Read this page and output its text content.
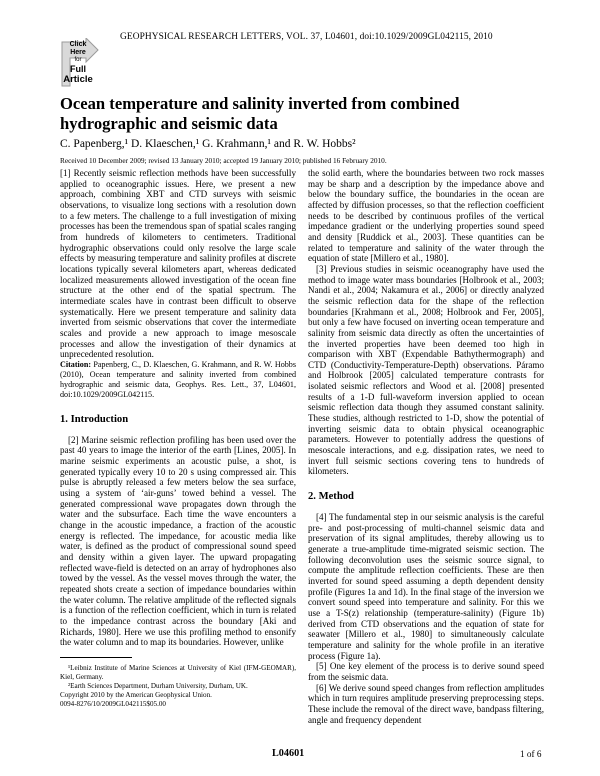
Click
Here
for
Full
Article
GEOPHYSICAL RESEARCH LETTERS, VOL. 37, L04601, doi:10.1029/2009GL042115, 2010
Ocean temperature and salinity inverted from combined hydrographic and seismic data
C. Papenberg,¹ D. Klaeschen,¹ G. Krahmann,¹ and R. W. Hobbs²
Received 10 December 2009; revised 13 January 2010; accepted 19 January 2010; published 16 February 2010.

[1] Recently seismic reflection methods have been successfully applied to oceanographic issues. Here, we present a new approach, combining XBT and CTD surveys with seismic observations, to visualize long sections with a resolution down to a few meters. The challenge to a full investigation of mixing processes has been the tremendous span of spatial scales ranging from hundreds of kilometers to centimeters. Traditional hydrographic observations could only resolve the large scale effects by measuring temperature and salinity profiles at discrete locations typically several kilometers apart, whereas dedicated localized measurements allowed investigation of the ocean fine structure at the other end of the spatial spectrum. The intermediate scales have in contrast been difficult to observe systematically. Here we present temperature and salinity data inverted from seismic observations that cover the intermediate scales and provide a new approach to image mesoscale processes and allow the investigation of their dynamics at unprecedented resolution.

Citation: Papenberg, C., D. Klaeschen, G. Krahmann, and R. W. Hobbs (2010), Ocean temperature and salinity inverted from combined hydrographic and seismic data, Geophys. Res. Lett., 37, L04601, doi:10.1029/2009GL042115.

1. Introduction

[2] Marine seismic reflection profiling has been used over the past 40 years to image the interior of the earth [Lines, 2005]. In marine seismic experiments an acoustic pulse, a shot, is generated typically every 10 to 20 s using compressed air. This pulse is abruptly released a few meters below the sea surface, using a system of ‘air-guns’ towed behind a vessel. The generated compressional wave propagates down through the water and the subsurface. Each time the wave encounters a change in the acoustic impedance, a fraction of the acoustic energy is reflected. The impedance, for acoustic media like water, is defined as the product of compressional sound speed and density within a given layer. The upward propagating reflected wave-field is detected on an array of hydrophones also towed by the vessel. As the vessel moves through the water, the repeated shots create a section of impedance boundaries within the water column. The relative amplitude of the reflected signals is a function of the reflection coefficient, which in turn is related to the impedance contrast across the boundary [Aki and Richards, 1980]. Here we use this profiling method to ensonify the water column and to map its boundaries. However, unlike

¹Leibniz Institute of Marine Sciences at University of Kiel (IFM-GEOMAR), Kiel, Germany.

²Earth Sciences Department, Durham University, Durham, UK.

Copyright 2010 by the American Geophysical Union.

0094-8276/10/2009GL042115$05.00

the solid earth, where the boundaries between two rock masses may be sharp and a description by the impedance above and below the boundary suffice, the boundaries in the ocean are affected by diffusion processes, so that the reflection coefficient needs to be described by continuous profiles of the vertical impedance gradient or the underlying properties sound speed and density [Ruddick et al., 2003]. These quantities can be related to temperature and salinity of the water through the equation of state [Millero et al., 1980].

[3] Previous studies in seismic oceanography have used the method to image water mass boundaries [Holbrook et al., 2003; Nandi et al., 2004; Nakamura et al., 2006] or directly analyzed the seismic reflection data for the shape of the reflection boundaries [Krahmann et al., 2008; Holbrook and Fer, 2005], but only a few have focused on inverting ocean temperature and salinity from seismic data directly as often the uncertainties of the inverted properties have been deemed too high in comparison with XBT (Expendable Bathythermograph) and CTD (Conductivity-Temperature-Depth) observations. Páramo and Holbrook [2005] calculated temperature contrasts for isolated seismic reflectors and Wood et al. [2008] presented results of a 1-D full-waveform inversion applied to ocean seismic reflection data though they assumed constant salinity. These studies, although restricted to 1-D, show the potential of inverting seismic data to obtain physical oceanographic parameters. However to potentially address the questions of mesoscale interactions, and e.g. dissipation rates, we need to invert full seismic sections covering tens to hundreds of kilometers.

2. Method

[4] The fundamental step in our seismic analysis is the careful pre- and post-processing of multi-channel seismic data and preservation of its signal amplitudes, thereby allowing us to generate a true-amplitude time-migrated seismic section. The following deconvolution uses the seismic source signal, to compute the amplitude reflection coefficients. These are then inverted for sound speed assuming a depth dependent density profile (Figures 1a and 1d). In the final stage of the inversion we convert sound speed into temperature and salinity. For this we use a T-S(z) relationship (temperature-salinity) (Figure 1b) derived from CTD observations and the equation of state for seawater [Millero et al., 1980] to simultaneously calculate temperature and salinity for the whole profile in an iterative process (Figure 1a).

[5] One key element of the process is to derive sound speed from the seismic data.

[6] We derive sound speed changes from reflection amplitudes which in turn requires amplitude preserving preprocessing steps. These include the removal of the direct wave, bandpass filtering, angle and frequency dependent

L04601	1 of 6
